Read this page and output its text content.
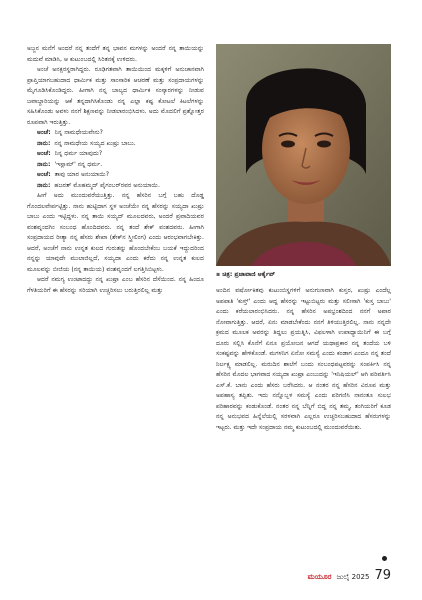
ಅಜ್ಜನ ಮನೆಗೆ ಅಂದರೆ ನನ್ನ ತಂದೆಗೆ ತನ್ನ ಭಾವನ ಮಗಳನ್ನು ಅಂದರೆ ನನ್ನ ತಾಯಿಯನ್ನು ಮದುವೆ ಮಾಡಿಸಿ, ಆ ಕುಟುಂಬದಲ್ಲಿ ಸಿರಿತನಕ್ಕೆ ಉಳಿದರು.

ಅಂಚೆ ಅನಕ್ಷರಸ್ಥರಾಗಿದ್ದರು. ರೂಢಿಗತವಾಗಿ ತಾಯಿಯಿಂದ ಮಕ್ಕಳಿಗೆ ಅನುಚಾನವಾಗಿ ಪ್ರಾಪ್ತಿಯಾಗಬಹುದಾದ ಧಾರ್ಮಿಕ ಮತ್ತು ಸಾಂಸಾರಿಕ ಆಚರಣೆ ಮತ್ತು ಸಂಪ್ರದಾಯಗಳನ್ನು ಮೈಗೂಡಿಸಿಕೊಂಡಿದ್ದರು. ಹೀಗಾಗಿ ನನ್ನ ಬಾಲ್ಯದ ಧಾರ್ಮಿಕ ಸಂಸ್ಕಾರಗಳನ್ನು ನೀಡುವ ಜವಾಬ್ದಾರಿಯನ್ನು ಆಕೆ ತನ್ನದಾಗಿಸಿಕೊಂಡು ನನ್ನ ಎಲ್ಲಾ ಕಷ್ಟ ಕೋಟಲೆ ಕಿಟಲೆಗಳನ್ನು ಸಹಿಸಿಕೊಂಡು ಅವಳು ನನಗೆ ಶಿಕ್ಷಣವನ್ನು ನೀಡಲಾರಂಭಿಸಿದಳು. ಅದು ಮೊದಲಿಗೆ ಪ್ರಶ್ನೋತ್ತರ ರೂಪವಾಗಿ ಇರುತ್ತಿತ್ತು.

ಅಂಚೆ: ನಿನ್ನ ನಾಮಧೇಯವೇನು?
ನಾನು: ನನ್ನ ನಾಮಧೇಯ ಸಯ್ಯದ ಖುಷ್ರು ಬಾಬು.
ಅಂಚೆ: ನಿನ್ನ ಧರ್ಮ ಯಾವುದು?
ನಾನು: 'ಇಸ್ಲಾಮ್' ನನ್ನ ಧರ್ಮ.
ಅಂಚೆ: ತಾವು ಯಾರ ಅನುಯಾಯಿ?
ನಾನು: ಹಜರತ್ ಮೊಹಮ್ಮದ್ ಪೈಗಂಬರ್‌ರವರ ಅನುಯಾಯಿ.

ಹೀಗೆ ಅದು ಮುಂದುವರೆಯುತ್ತಿತ್ತು. ನನ್ನ ಹೆಸರಿನ ಬಗ್ಗೆ ಬಹು ದೊಡ್ಡ ಗೊಂದಲವೇರ್ಪಟ್ಟಿತ್ತು. ನಾನು ಹುಟ್ಟಿದಾಗ ಸ್ಥಳ ಅಂಚೆಯೇ ನನ್ನ ಹೆಸರನ್ನು ಸಯ್ಯದಾ ಖುಷ್ರು ಬಾಬು ಎಂದು ಇಟ್ಟಿದ್ದಳು. ನನ್ನ ತಾಯಿ ಸಯ್ಯದ್ ಮೂಲದವರು, ಅಂದರೆ ಪ್ರವಾದಿಯವರ ವಂಶವೃಂದಗಿಂ ಸಂಬಂಧ ಹೊಂದಿದವರು. ನನ್ನ ತಂದೆ ಶೇಕ್ ವಂಶದವರು. ಹೀಗಾಗಿ ಸಂಪ್ರದಾಯದ ರೀತ್ಯಾ ನನ್ನ ಹೆಸರು ಶೇಖಾ (ಶೇಕ್‌ನ ಸ್ತ್ರೀಲಿಂಗ) ಎಂದು ಆರಂಭವಾಗಬೇಕಿತ್ತು. ಆದರೆ, ಅಂಚೆಗೆ ನಾನು ಉನ್ನತ ಕುಲದ ಗುರುತನ್ನು ಹೊಂದಬೇಕೆಂಬ ಬಯಕೆ ಇದ್ದುದರಿಂದ ನನ್ನನ್ನು ಯಾವುದೇ ಮುಲಾಜಿಲ್ಲದೆ, ಸಯ್ಯದಾ ಎಂದು ಕರೆದು ನನ್ನ ಉನ್ನತ ಕುಲದ ಮೂಲವನ್ನು ಬೀಜಿಯ (ನನ್ನ ತಾಯಿಯ) ವಂಶವೃಂದಗೆ ಲಗತ್ತಿಸಿಬಿಟ್ಟಳು.

ಆದರೆ ನಮಗ್ಯ ಉಂಟಾದದ್ದು ನನ್ನ ಖುಷ್ರಾ ಎಂಬ ಹೆಸರಿನ ದೆಸೆಯಿಂದ. ನನ್ನ ಹಿಂದೂ ಗೆಳತಿಯರಿಗೆ ಈ ಹೆಸರನ್ನು ಸರಿಯಾಗಿ ಉಚ್ಚರಿಸಲು ಬರುತ್ತಿರಲಿಲ್ಲ ಮತ್ತು

▪ ಚಿತ್ರ: ಪ್ರಜಾವಾಣಿ ಆರ್ಕೈವ್

ಅಂದಿನ ವರ್ಷೋಕಿತವು ಕುಟುಂಬಿಸ್ಥಗಳಿಗೆ ಅನುಗುಣವಾಗಿ ಕುಸ್ತರ, ಖುಷ್ರು ಎಂದೆಲ್ಲ ಅಪಪಾತಿ 'ಕುಸ್ತ್' ಎಂದು ಆದ್ದ ಹೆಸರನ್ನು ಇಟ್ಟುಬಿಟ್ಟರು ಮತ್ತು ಸಲೀಸಾಗಿ 'ಕುಸ್ತ ಬಾಬು' ಎಂದು ಕರೆಯಲಾರಂಭಿಸಿದರು. ನನ್ನ ಹೆಸರಿನ ಅಪಭ್ರಂಶದಿಂದ ನನಗೆ ಅಪಾರ ನೋವಾಗುತ್ತಿತ್ತು. ಆದರೆ, ಏನು ಮಾಡಬೇಕೆಂದು ನನಗೆ ತಿಳಿಯುತ್ತಿರಲಿಲ್ಲ. ನಾನು ನನ್ನದೇ ಕ್ರಮದ ಮೂಲಕ ಅವರನ್ನು ತಿದ್ದಲು ಪ್ರಯತ್ನಿಸಿ, ವಿಫಲಳಾಗಿ ಉಪಾಧ್ಯಾಯಿನಿಗೆ ಈ ಬಗ್ಗೆ ದೂರು ಸಲ್ಲಿಸಿ ಕೊನೆಗೆ ಏನೂ ಪ್ರಯೋಜನ ಆಗದೆ ಯಥಾಪ್ರಕಾರ ನನ್ನ ತಂದೆಯ ಬಳಿ ಸಂಕಷ್ಟವನ್ನು ಹೇಳಿಕೊಂಡೆ. ಮಗಳನಿಗ ಏನೋ ಸಮಸ್ಯೆ ಎಂದು ಕಂಡಾಗ ಎಂದೂ ನನ್ನ ತಂದೆ ನಿರ್ಲಕ್ಷ್ಯ ಮಾಡಲಿಲ್ಲ. ಮರುದಿನ ಶಾಲೆಗೆ ಬಂದು ಸಂಬಂಧಪಟ್ಟವರನ್ನು ಸಂಪರ್ಕಿಸಿ ನನ್ನ ಹೆಸರಿನ ಮೊದಲ ಭಾಗವಾದ ಸಯ್ಯದಾ ಖುಷ್ರಾ ಎಂಬುದನ್ನು 'ಇನಿಷಿಯಲ್' ಆಗಿ ಪರಿವರ್ತಿಸಿ ಎಸ್.ಕೆ. ಬಾನು ಎಂದು ಹೆಸರು ಬರೆಸಿದರು. ಆ ನಂತರ ನನ್ನ ಹೆಸರಿನ ವಿರೂಪ ಮತ್ತು ಅಪಹಾಸ್ಯ ತಪ್ಪಿತು. ಇದು ನನ್ನೊಬ್ಬಳ ಸಮಸ್ಯೆ ಎಂದು ಪರಿಗಣಿಸಿ ನಾನಂತೂ ಸುಲಭ ಪರಿಹಾರವನ್ನು ಕಂಡುಕೊಂಡೆ. ನಂತರ ನನ್ನ ಬೆನ್ನಿಗೆ ಬಿದ್ದ ನನ್ನ ತಮ್ಮ, ತಂಗಿಯರಿಗೆ ಕೂಡ ನನ್ನ ಅನುಭವದ ಹಿನ್ನೆಲೆಯಲ್ಲಿ ಸರಳವಾಗಿ ಎಲ್ಲರೂ ಉಚ್ಚರಿಸಬಹುದಾದ ಹೆಸರುಗಳನ್ನು ಇಟ್ಟರು. ಮತ್ತು ಇದೇ ಸಂಪ್ರದಾಯ ನಮ್ಮ ಕುಟುಂಬದಲ್ಲಿ ಮುಂದುವರೆಯಿತು.

ಮಯೂರ ಜುಲೈ 2025 79
